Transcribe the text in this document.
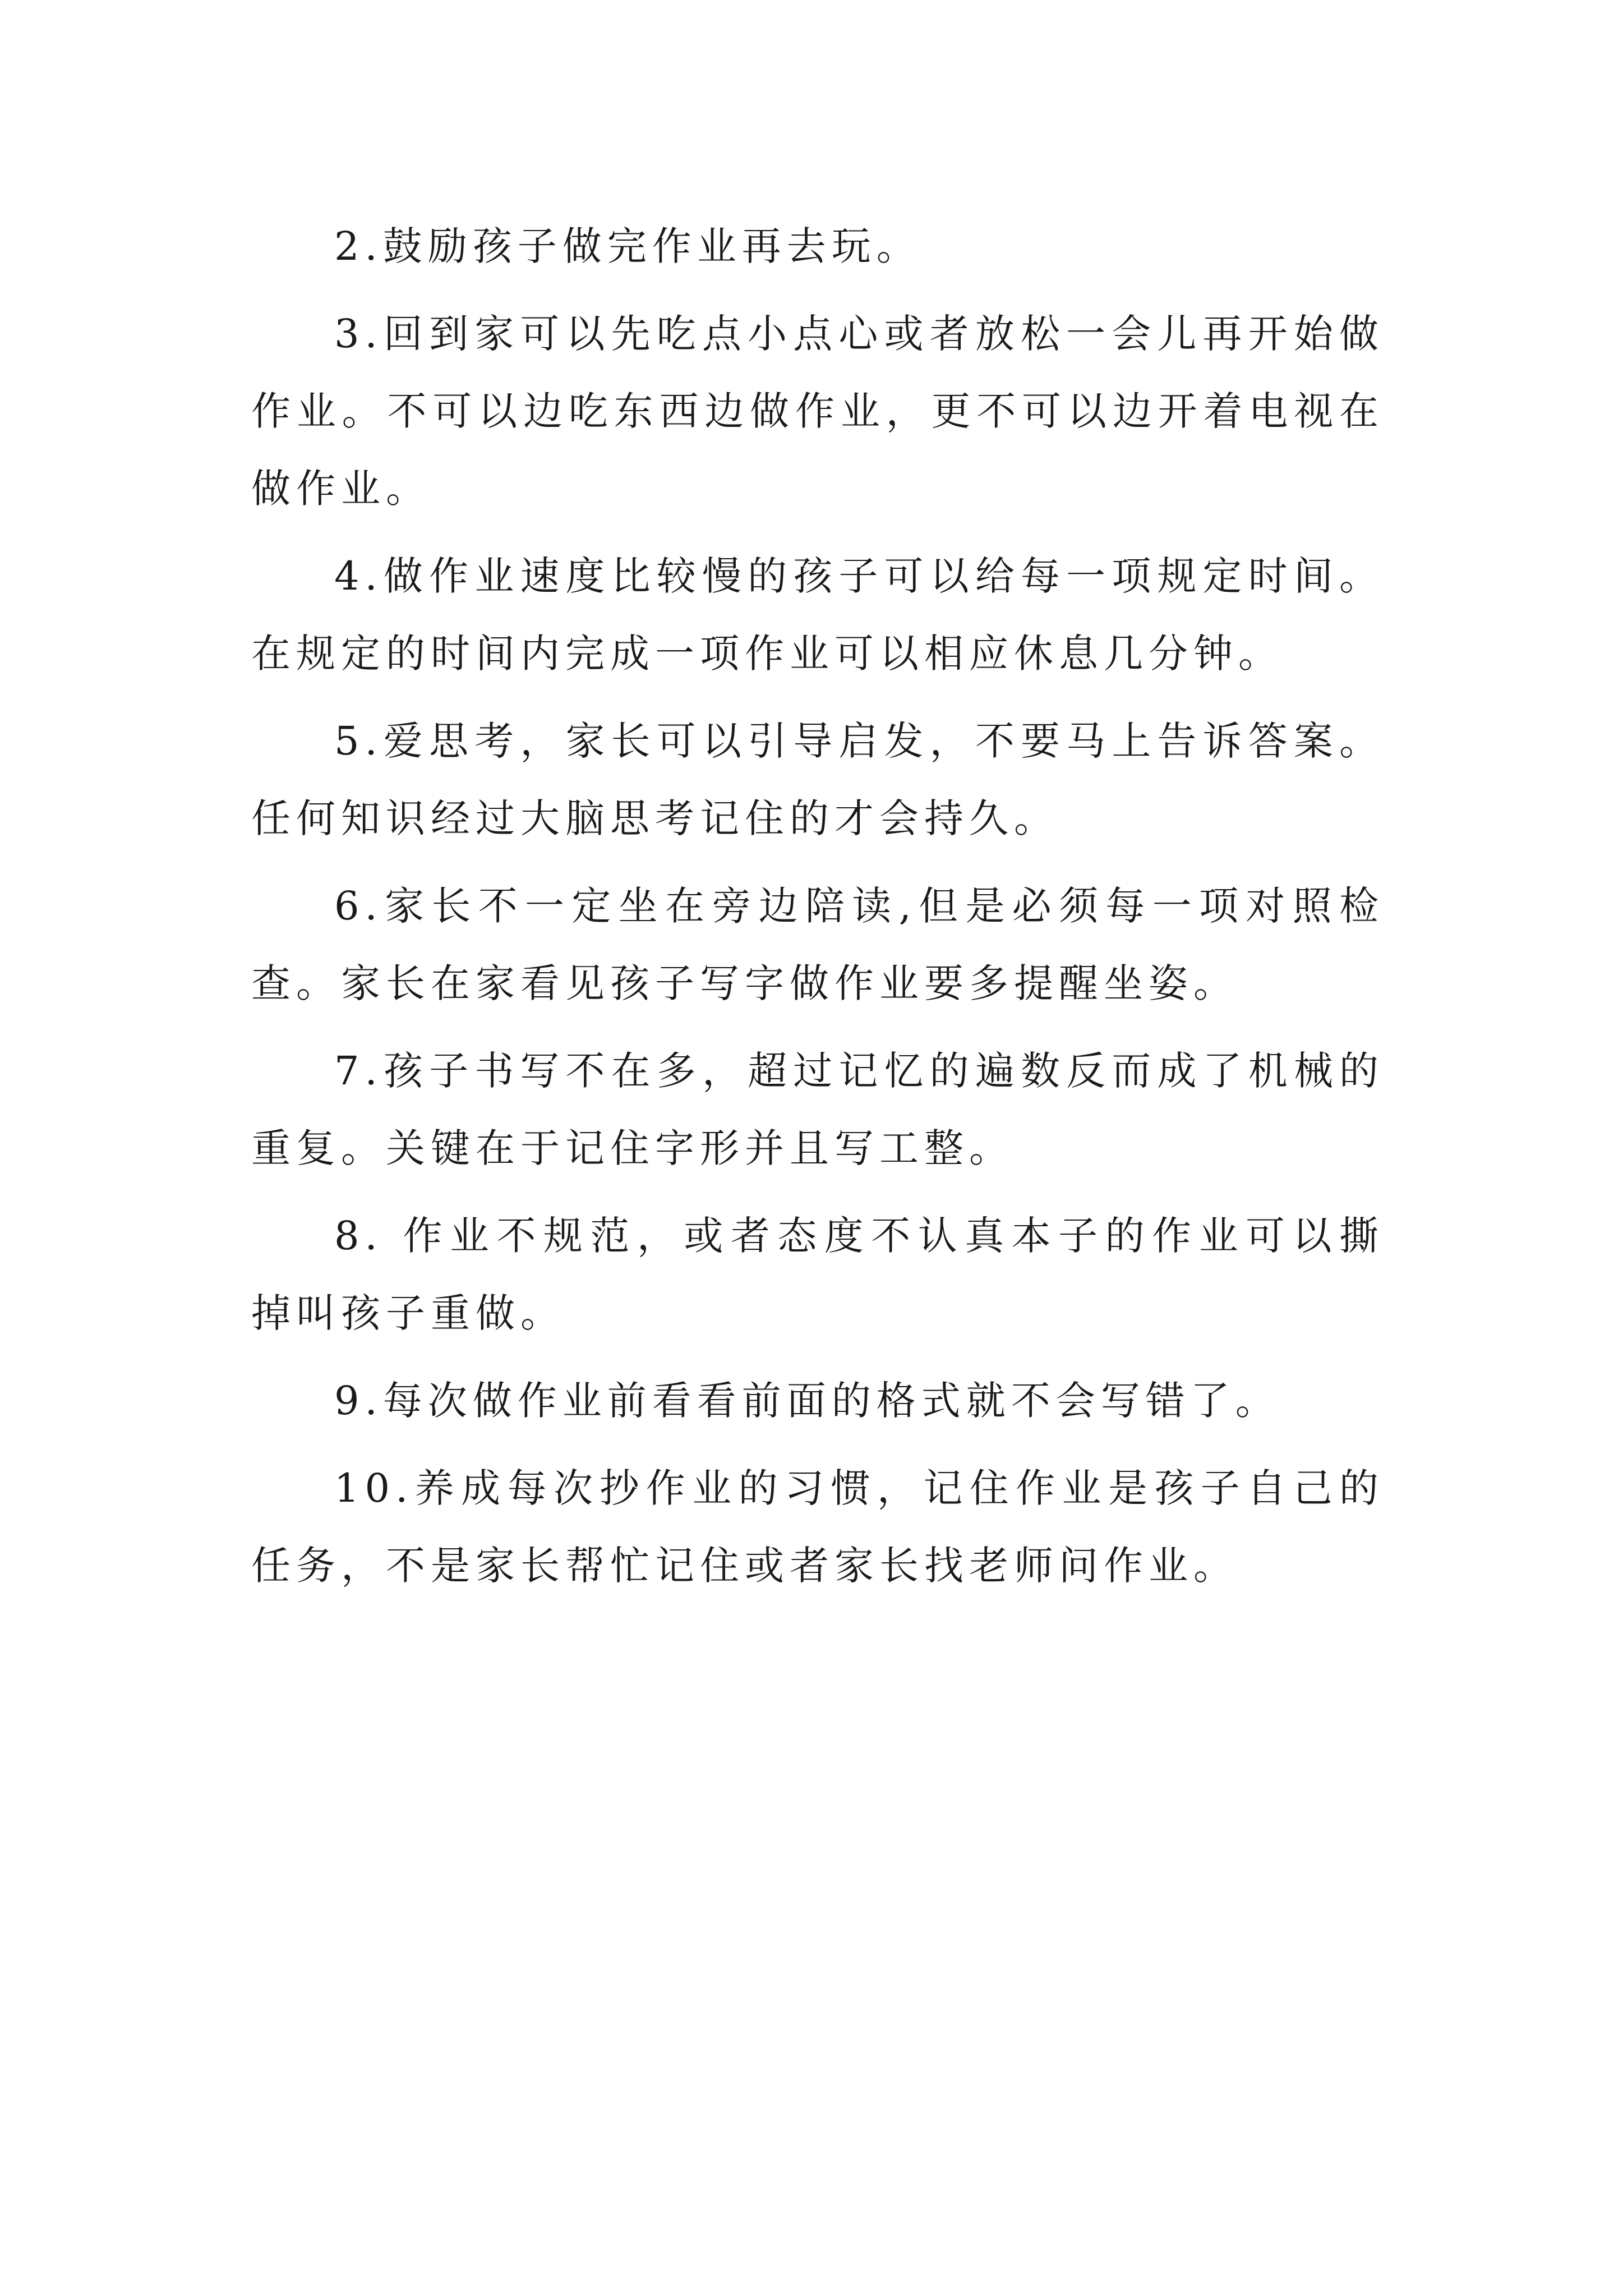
2.鼓励孩子做完作业再去玩。

3.回到家可以先吃点小点心或者放松一会儿再开始做作业。不可以边吃东西边做作业，更不可以边开着电视在做作业。

4.做作业速度比较慢的孩子可以给每一项规定时间。在规定的时间内完成一项作业可以相应休息几分钟。

5.爱思考，家长可以引导启发，不要马上告诉答案。任何知识经过大脑思考记住的才会持久。

6.家长不一定坐在旁边陪读,但是必须每一项对照检查。家长在家看见孩子写字做作业要多提醒坐姿。

7.孩子书写不在多，超过记忆的遍数反而成了机械的重复。关键在于记住字形并且写工整。

8. 作业不规范，或者态度不认真本子的作业可以撕掉叫孩子重做。

9.每次做作业前看看前面的格式就不会写错了。

10.养成每次抄作业的习惯，记住作业是孩子自己的任务，不是家长帮忙记住或者家长找老师问作业。
